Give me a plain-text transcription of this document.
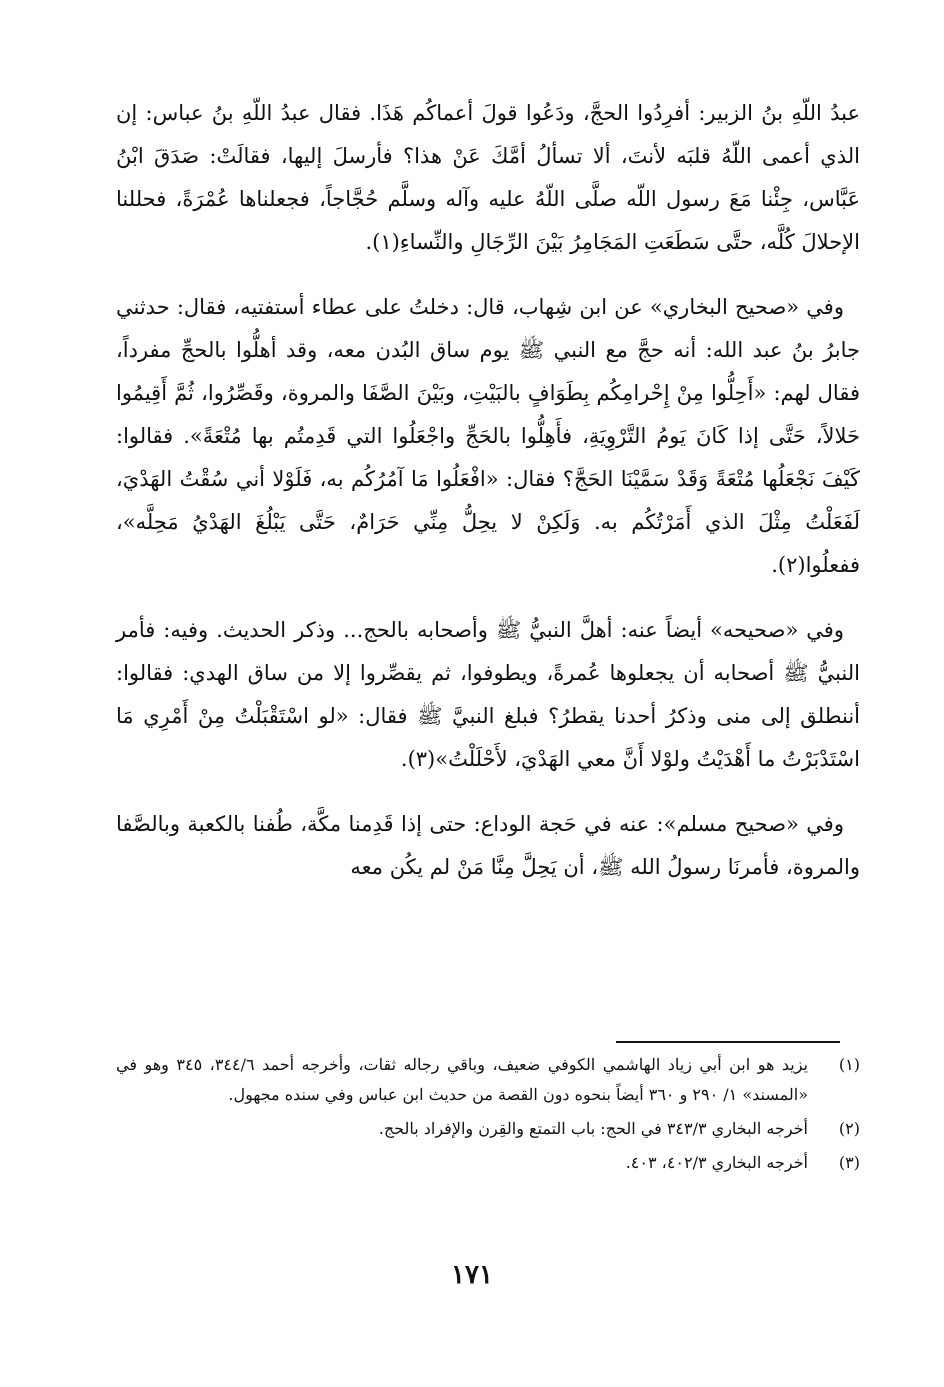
عبدُ اللّهِ بنُ الزبير: أفرِدُوا الحجَّ، ودَعُوا قولَ أعماكُم هَذَا. فقال عبدُ اللّهِ بنُ عباس: إن الذي أعمى اللّهُ قلبَه لأنتَ، ألا تسألُ أمَّكَ عَنْ هذا؟ فأرسلَ إليها، فقالَتْ: صَدَقَ ابْنُ عَبَّاس، جِئْنا مَعَ رسول اللّه صلَّى اللّهُ عليه وآله وسلَّم حُجَّاجاً، فجعلناها عُمْرَةً، فحللنا الإحلالَ كُلَّه، حتَّى سَطَعَتِ المَجَامِرُ بَيْنَ الرِّجَالِ والنِّساءِ(١).

وفي «صحيح البخاري» عن ابن شِهاب، قال: دخلتُ على عطاء أستفتيه، فقال: حدثني جابرُ بنُ عبد الله: أنه حجَّ مع النبي ﷺ يوم ساق البُدن معه، وقد أهلُّوا بالحجِّ مفرداً، فقال لهم: «أَحِلُّوا مِنْ إِحْرامِكُم بِطَوَافٍ بالبَيْتِ، وبَيْنَ الصَّفَا والمروة، وقَصِّرُوا، ثُمَّ أَقِيمُوا حَلالاً، حَتَّى إذا كَانَ يَومُ التَّرْوِيَةِ، فأَهِلُّوا بالحَجِّ واجْعَلُوا التي قَدِمتُم بها مُتْعَةً». فقالوا: كَيْفَ نَجْعَلُها مُتْعَةً وَقَدْ سَمَّيْنَا الحَجَّ؟ فقال: «افْعَلُوا مَا آمُرُكُم به، فَلَوْلا أني سُقْتُ الهَدْيَ، لَفَعَلْتُ مِثْلَ الذي أَمَرْتُكُم به. وَلَكِنْ لا يحِلُّ مِنِّي حَرَامٌ، حَتَّى يَبْلُغَ الهَدْيُ مَحِلَّه»، ففعلُوا(٢).

وفي «صحيحه» أيضاً عنه: أهلَّ النبيُّ ﷺ وأصحابه بالحج... وذكر الحديث. وفيه: فأمر النبيُّ ﷺ أصحابه أن يجعلوها عُمرةً، ويطوفوا، ثم يقصِّروا إلا من ساق الهدي: فقالوا: أننطلق إلى منى وذكرُ أحدنا يقطرُ؟ فبلغ النبيَّ ﷺ فقال: «لو اسْتَقْبَلْتُ مِنْ أَمْرِي مَا اسْتَدْبَرْتُ ما أَهْدَيْتُ ولوْلا أَنَّ معي الهَدْيَ، لأَحْلَلْتُ»(٣).

وفي «صحيح مسلم»: عنه في حَجة الوداع: حتى إذا قَدِمنا مكَّة، طُفنا بالكعبة وبالصَّفا والمروة، فأمرنَا رسولُ الله ﷺ، أن يَحِلَّ مِنَّا مَنْ لم يكُن معه

(١)
يزيد هو ابن أبي زياد الهاشمي الكوفي ضعيف، وباقي رجاله ثقات، وأخرجه أحمد ٣٤٤/٦، ٣٤٥ وهو في «المسند» ١/ ٢٩٠ و ٣٦٠ أيضاً بنحوه دون القصة من حديث ابن عباس وفي سنده مجهول.
(٢)
أخرجه البخاري ٣٤٣/٣ في الحج: باب التمتع والقِرن والإفراد بالحج.
(٣)
أخرجه البخاري ٤٠٢/٣، ٤٠٣.
١٧١
